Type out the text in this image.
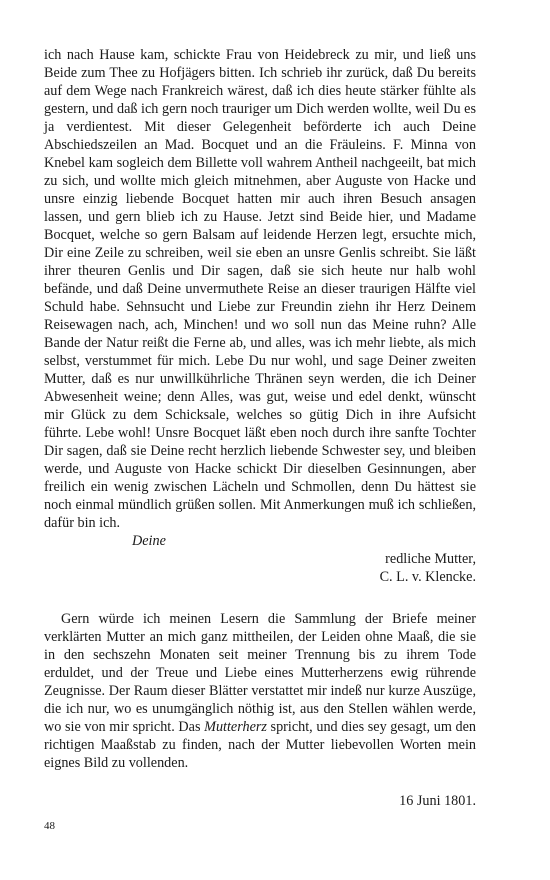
ich nach Hause kam, schickte Frau von Heidebreck zu mir, und ließ uns Beide zum Thee zu Hofjägers bitten. Ich schrieb ihr zurück, daß Du bereits auf dem Wege nach Frankreich wärest, daß ich dies heute stärker fühlte als gestern, und daß ich gern noch trauriger um Dich werden wollte, weil Du es ja verdientest. Mit dieser Gelegenheit beförderte ich auch Deine Abschiedszeilen an Mad. Bocquet und an die Fräuleins. F. Minna von Knebel kam sogleich dem Billette voll wahrem Antheil nachgeeilt, bat mich zu sich, und wollte mich gleich mitnehmen, aber Auguste von Hacke und unsre einzig liebende Bocquet hatten mir auch ihren Besuch ansagen lassen, und gern blieb ich zu Hause. Jetzt sind Beide hier, und Madame Bocquet, welche so gern Balsam auf leidende Herzen legt, ersuchte mich, Dir eine Zeile zu schreiben, weil sie eben an unsre Genlis schreibt. Sie läßt ihrer theuren Genlis und Dir sagen, daß sie sich heute nur halb wohl befände, und daß Deine unvermuthete Reise an dieser traurigen Hälfte viel Schuld habe. Sehnsucht und Liebe zur Freundin ziehn ihr Herz Deinem Reisewagen nach, ach, Minchen! und wo soll nun das Meine ruhn? Alle Bande der Natur reißt die Ferne ab, und alles, was ich mehr liebte, als mich selbst, verstummet für mich. Lebe Du nur wohl, und sage Deiner zweiten Mutter, daß es nur unwillkührliche Thränen seyn werden, die ich Deiner Abwesenheit weine; denn Alles, was gut, weise und edel denkt, wünscht mir Glück zu dem Schicksale, welches so gütig Dich in ihre Aufsicht führte. Lebe wohl! Unsre Bocquet läßt eben noch durch ihre sanfte Tochter Dir sagen, daß sie Deine recht herzlich liebende Schwester sey, und bleiben werde, und Auguste von Hacke schickt Dir dieselben Gesinnungen, aber freilich ein wenig zwischen Lächeln und Schmollen, denn Du hättest sie noch einmal mündlich grüßen sollen. Mit Anmerkungen muß ich schließen, dafür bin ich.

Deine

redliche Mutter,

C. L. v. Klencke.

Gern würde ich meinen Lesern die Sammlung der Briefe meiner verklärten Mutter an mich ganz mittheilen, der Leiden ohne Maaß, die sie in den sechszehn Monaten seit meiner Trennung bis zu ihrem Tode erduldet, und der Treue und Liebe eines Mutterherzens ewig rührende Zeugnisse. Der Raum dieser Blätter verstattet mir indeß nur kurze Auszüge, die ich nur, wo es unumgänglich nöthig ist, aus den Stellen wählen werde, wo sie von mir spricht. Das Mutterherz spricht, und dies sey gesagt, um den richtigen Maaßstab zu finden, nach der Mutter liebevollen Worten mein eignes Bild zu vollenden.

16 Juni 1801.

48
